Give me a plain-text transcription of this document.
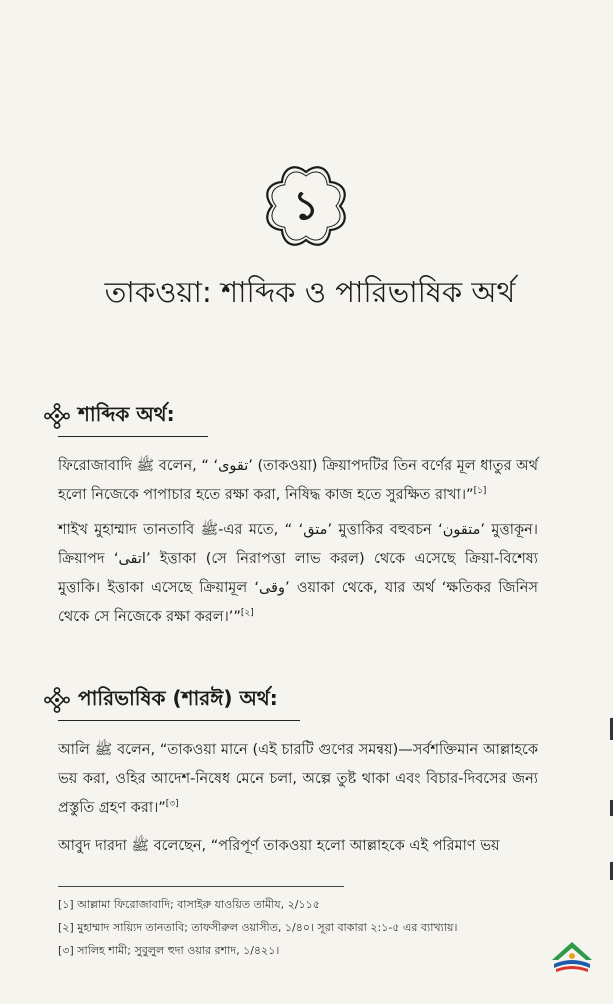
১
তাকওয়া: শাব্দিক ও পারিভাষিক অর্থ
শাব্দিক অর্থ:

ফিরোজাবাদি ﷺ বলেন, “ ‘تقوى’ (তাকওয়া) ক্রিয়াপদটির তিন বর্ণের মূল ধাতুর অর্থ হলো নিজেকে পাপাচার হতে রক্ষা করা, নিষিদ্ধ কাজ হতে সুরক্ষিত রাখা।”[১]

শাইখ মুহাম্মাদ তানতাবি ﷺ-এর মতে, “ ‘متق’ মুত্তাকির বহুবচন ‘متقون’ মুত্তাকূন। ক্রিয়াপদ ‘اتقى’ ইত্তাকা (সে নিরাপত্তা লাভ করল) থেকে এসেছে ক্রিয়া-বিশেষ্য মুত্তাকি। ইত্তাকা এসেছে ক্রিয়ামূল ‘وقى’ ওয়াকা থেকে, যার অর্থ ‘ক্ষতিকর জিনিস থেকে সে নিজেকে রক্ষা করল।’”[২]

পারিভাষিক (শারঈ) অর্থ:

আলি ﷺ বলেন, “তাকওয়া মানে (এই চারটি গুণের সমন্বয়)—সর্বশক্তিমান আল্লাহকে ভয় করা, ওহির আদেশ-নিষেধ মেনে চলা, অল্পে তুষ্ট থাকা এবং বিচার-দিবসের জন্য প্রস্তুতি গ্রহণ করা।”[৩]

আবুদ দারদা ﷺ বলেছেন, “পরিপূর্ণ তাকওয়া হলো আল্লাহকে এই পরিমাণ ভয়

[১] আল্লামা ফিরোজাবাদি; বাসাইরু যাওয়িত তামীয, ২/১১৫

[২] মুহাম্মাদ সায়্যিদ তানতাবি; তাফসীরুল ওয়াসীত, ১/৪০। সূরা বাকারা ২:১-৫ এর ব্যাখ্যায়।

[৩] সালিহ শামী; সুবুলুল হুদা ওয়ার রশাদ, ১/৪২১।
